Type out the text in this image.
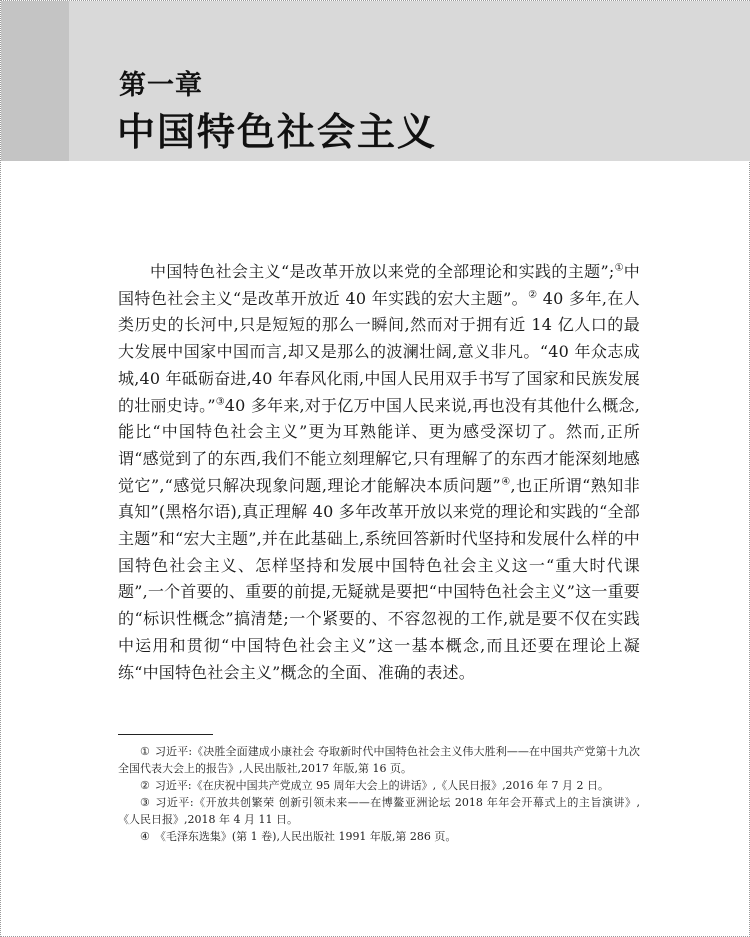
第一章
中国特色社会主义

中国特色社会主义“是改革开放以来党的全部理论和实践的主题”;①中国特色社会主义“是改革开放近 40 年实践的宏大主题”。② 40 多年,在人类历史的长河中,只是短短的那么一瞬间,然而对于拥有近 14 亿人口的最大发展中国家中国而言,却又是那么的波澜壮阔,意义非凡。“40 年众志成城,40 年砥砺奋进,40 年春风化雨,中国人民用双手书写了国家和民族发展的壮丽史诗。”③40 多年来,对于亿万中国人民来说,再也没有其他什么概念,能比“中国特色社会主义”更为耳熟能详、更为感受深切了。然而,正所谓“感觉到了的东西,我们不能立刻理解它,只有理解了的东西才能深刻地感觉它”,“感觉只解决现象问题,理论才能解决本质问题”④,也正所谓“熟知非真知”(黑格尔语),真正理解 40 多年改革开放以来党的理论和实践的“全部主题”和“宏大主题”,并在此基础上,系统回答新时代坚持和发展什么样的中国特色社会主义、怎样坚持和发展中国特色社会主义这一“重大时代课题”,一个首要的、重要的前提,无疑就是要把“中国特色社会主义”这一重要的“标识性概念”搞清楚;一个紧要的、不容忽视的工作,就是要不仅在实践中运用和贯彻“中国特色社会主义”这一基本概念,而且还要在理论上凝练“中国特色社会主义”概念的全面、准确的表述。

① 习近平:《决胜全面建成小康社会 夺取新时代中国特色社会主义伟大胜利——在中国共产党第十九次全国代表大会上的报告》,人民出版社,2017 年版,第 16 页。

② 习近平:《在庆祝中国共产党成立 95 周年大会上的讲话》,《人民日报》,2016 年 7 月 2 日。

③ 习近平:《开放共创繁荣 创新引领未来——在博鳌亚洲论坛 2018 年年会开幕式上的主旨演讲》,《人民日报》,2018 年 4 月 11 日。

④ 《毛泽东选集》(第 1 卷),人民出版社 1991 年版,第 286 页。
